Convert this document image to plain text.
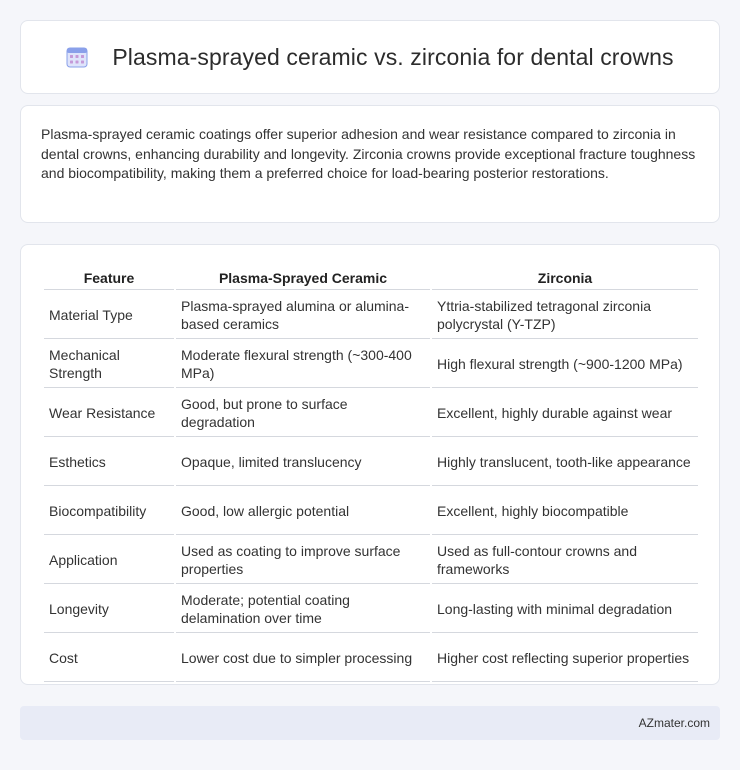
Plasma-sprayed ceramic vs. zirconia for dental crowns

Plasma-sprayed ceramic coatings offer superior adhesion and wear resistance compared to zirconia in dental crowns, enhancing durability and longevity. Zirconia crowns provide exceptional fracture toughness and biocompatibility, making them a preferred choice for load-bearing posterior restorations.

Feature	Plasma-Sprayed Ceramic	Zirconia
Material Type	Plasma-sprayed alumina or alumina-based ceramics	Yttria-stabilized tetragonal zirconia polycrystal (Y-TZP)
Mechanical Strength	Moderate flexural strength (~300-400 MPa)	High flexural strength (~900-1200 MPa)
Wear Resistance	Good, but prone to surface degradation	Excellent, highly durable against wear
Esthetics	Opaque, limited translucency	Highly translucent, tooth-like appearance
Biocompatibility	Good, low allergic potential	Excellent, highly biocompatible
Application	Used as coating to improve surface properties	Used as full-contour crowns and frameworks
Longevity	Moderate; potential coating delamination over time	Long-lasting with minimal degradation
Cost	Lower cost due to simpler processing	Higher cost reflecting superior properties
AZmater.com
